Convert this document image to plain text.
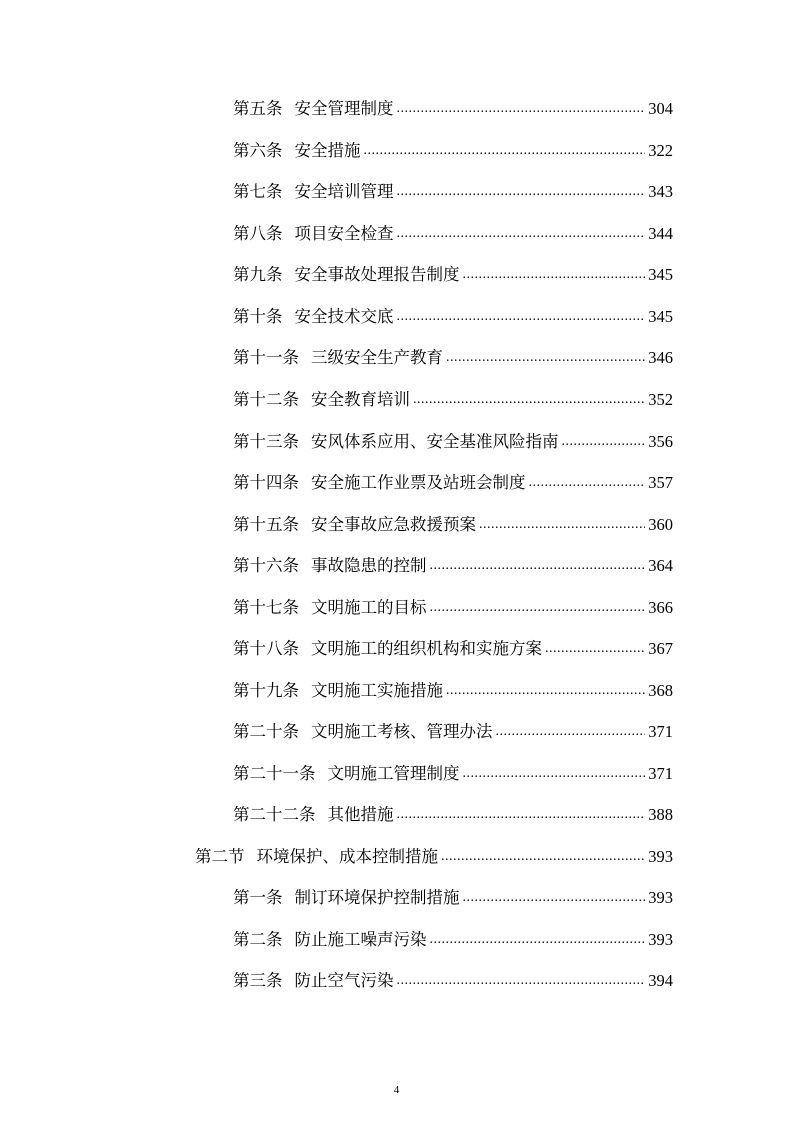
第五条 安全管理制度 .....	304
第六条 安全措施 .....	322
第七条 安全培训管理 .....	343
第八条 项目安全检查 .....	344
第九条 安全事故处理报告制度 .....	345
第十条 安全技术交底 .....	345
第十一条 三级安全生产教育 .....	346
第十二条 安全教育培训 .....	352
第十三条 安风体系应用、安全基准风险指南 .....	356
第十四条 安全施工作业票及站班会制度 .....	357
第十五条 安全事故应急救援预案 .....	360
第十六条 事故隐患的控制 .....	364
第十七条 文明施工的目标 .....	366
第十八条 文明施工的组织机构和实施方案 .....	367
第十九条 文明施工实施措施 .....	368
第二十条 文明施工考核、管理办法 .....	371
第二十一条 文明施工管理制度 .....	371
第二十二条 其他措施 .....	388
第二节 环境保护、成本控制措施 .....	393
第一条 制订环境保护控制措施 .....	393
第二条 防止施工噪声污染 .....	393
第三条 防止空气污染 .....	394
4
